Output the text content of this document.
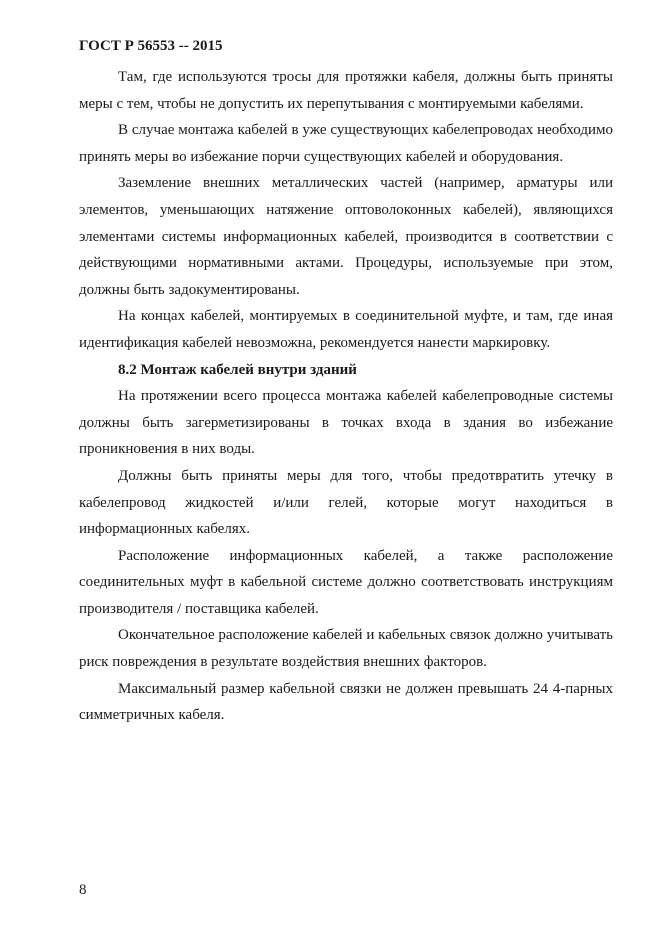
ГОСТ Р 56553 -- 2015

Там, где используются тросы для протяжки кабеля, должны быть приняты меры с тем, чтобы не допустить их перепутывания с монтируемыми кабелями.

В случае монтажа кабелей в уже существующих кабелепроводах необходимо принять меры во избежание порчи существующих кабелей и оборудования.

Заземление внешних металлических частей (например, арматуры или элементов, уменьшающих натяжение оптоволоконных кабелей), являющихся элементами системы информационных кабелей, производится в соответствии с действующими нормативными актами. Процедуры, используемые при этом, должны быть задокументированы.

На концах кабелей, монтируемых в соединительной муфте, и там, где иная идентификация кабелей невозможна, рекомендуется нанести маркировку.

8.2 Монтаж кабелей внутри зданий

На протяжении всего процесса монтажа кабелей кабелепроводные системы должны быть загерметизированы в точках входа в здания во избежание проникновения в них воды.

Должны быть приняты меры для того, чтобы предотвратить утечку в кабелепровод жидкостей и/или гелей, которые могут находиться в информационных кабелях.

Расположение информационных кабелей, а также расположение соединительных муфт в кабельной системе должно соответствовать инструкциям производителя / поставщика кабелей.

Окончательное расположение кабелей и кабельных связок должно учитывать риск повреждения в результате воздействия внешних факторов.

Максимальный размер кабельной связки не должен превышать 24 4-парных симметричных кабеля.

8
